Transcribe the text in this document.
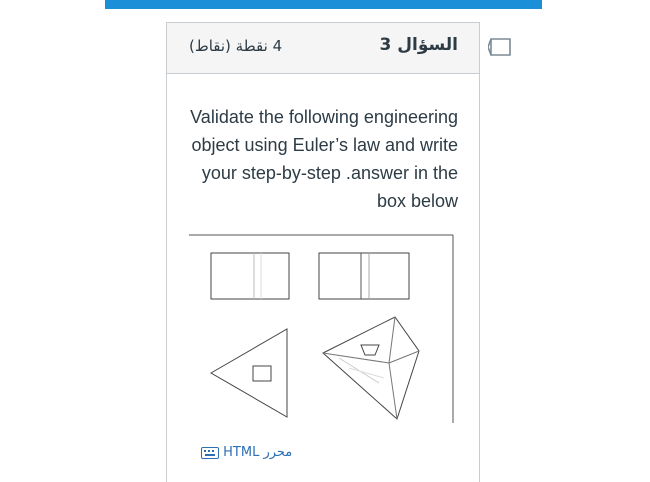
4 نقطة (نقاط)	السؤال 3
Validate the following engineering object using Euler’s law and write your step-by-step .answer in the box below
محرر HTML
